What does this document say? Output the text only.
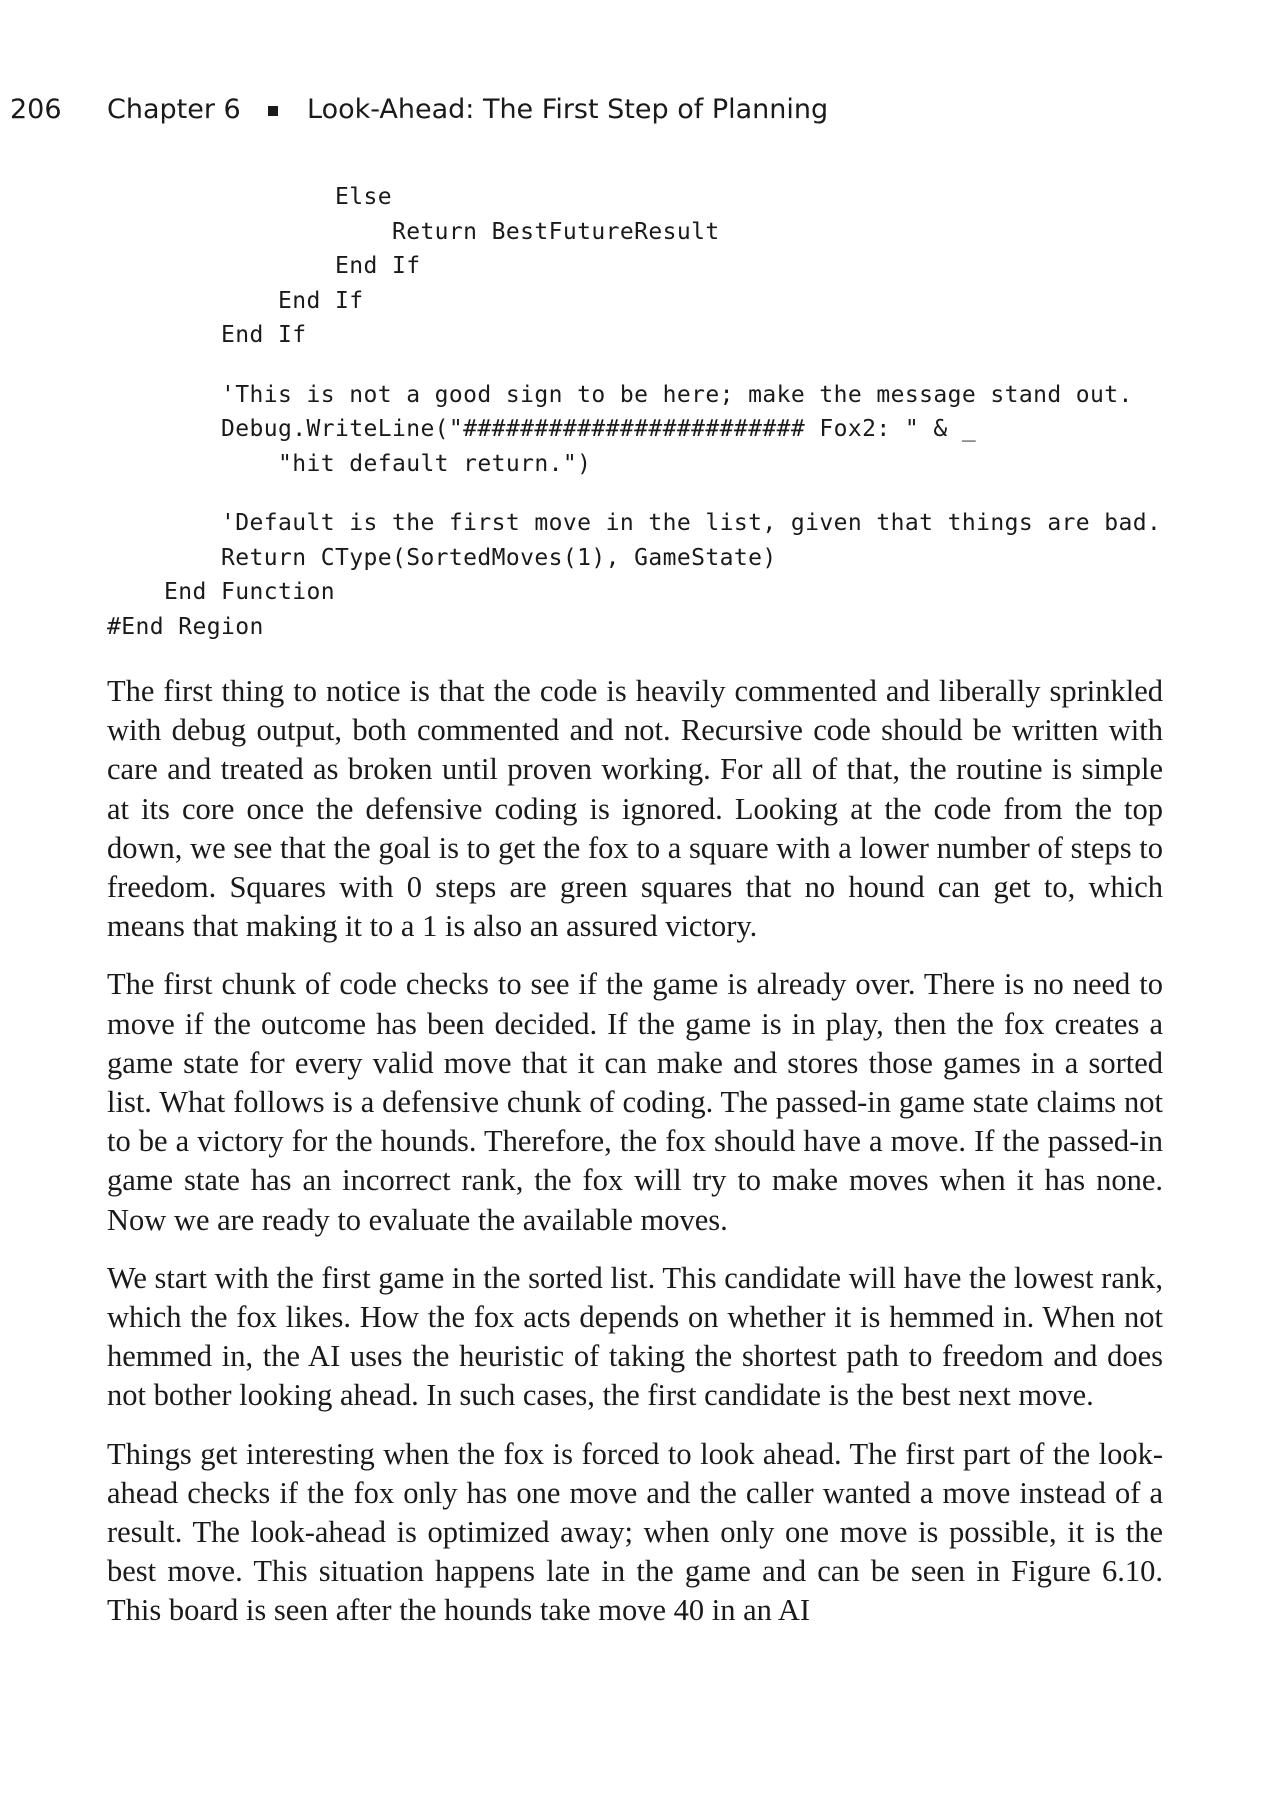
206 Chapter 6 Look-Ahead: The First Step of Planning
Else
Return BestFutureResult
End If
End If
End If
'This is not a good sign to be here; make the message stand out.
Debug.WriteLine("######################## Fox2: " & _
"hit default return.")
'Default is the first move in the list, given that things are bad.
Return CType(SortedMoves(1), GameState)
End Function
#End Region

The first thing to notice is that the code is heavily commented and liberally sprinkled with debug output, both commented and not. Recursive code should be written with care and treated as broken until proven working. For all of that, the routine is simple at its core once the defensive coding is ignored. Looking at the code from the top down, we see that the goal is to get the fox to a square with a lower number of steps to freedom. Squares with 0 steps are green squares that no hound can get to, which means that making it to a 1 is also an assured victory.

The first chunk of code checks to see if the game is already over. There is no need to move if the outcome has been decided. If the game is in play, then the fox creates a game state for every valid move that it can make and stores those games in a sorted list. What follows is a defensive chunk of coding. The passed-in game state claims not to be a victory for the hounds. Therefore, the fox should have a move. If the passed-in game state has an incorrect rank, the fox will try to make moves when it has none. Now we are ready to evaluate the available moves.

We start with the first game in the sorted list. This candidate will have the lowest rank, which the fox likes. How the fox acts depends on whether it is hemmed in. When not hemmed in, the AI uses the heuristic of taking the shortest path to freedom and does not bother looking ahead. In such cases, the first candidate is the best next move.

Things get interesting when the fox is forced to look ahead. The first part of the look-ahead checks if the fox only has one move and the caller wanted a move instead of a result. The look-ahead is optimized away; when only one move is possible, it is the best move. This situation happens late in the game and can be seen in Figure 6.10. This board is seen after the hounds take move 40 in an AI
